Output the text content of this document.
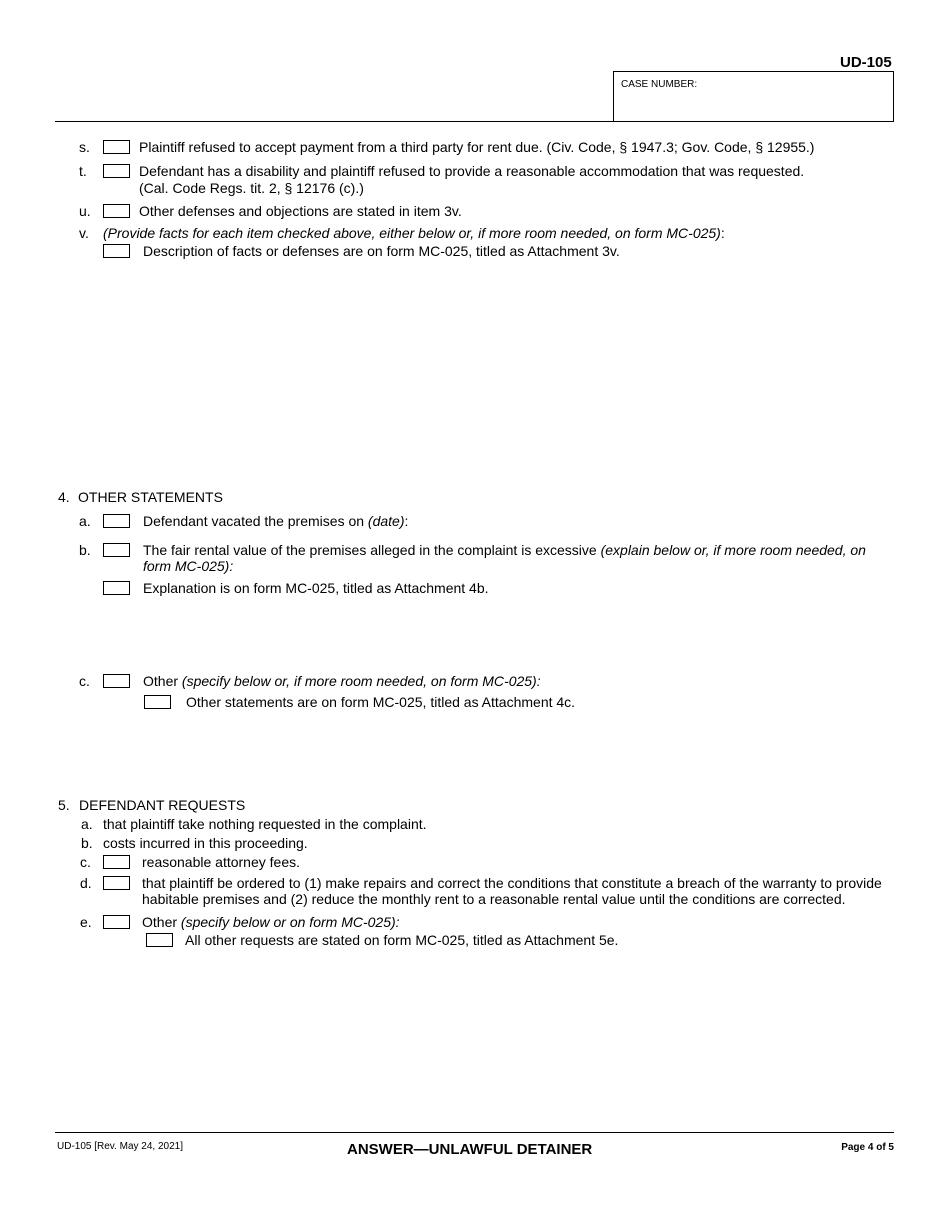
UD-105
CASE NUMBER:
s.	Plaintiff refused to accept payment from a third party for rent due. (Civ. Code, § 1947.3; Gov. Code, § 12955.)
t.	Defendant has a disability and plaintiff refused to provide a reasonable accommodation that was requested.
(Cal. Code Regs. tit. 2, § 12176 (c).)
u.	Other defenses and objections are stated in item 3v.
v. (Provide facts for each item checked above, either below or, if more room needed, on form MC-025):
Description of facts or defenses are on form MC-025, titled as Attachment 3v.
4. OTHER STATEMENTS
a.	Defendant vacated the premises on (date):
b.	The fair rental value of the premises alleged in the complaint is excessive (explain below or, if more room needed, on
form MC-025):
Explanation is on form MC-025, titled as Attachment 4b.
c.	Other (specify below or, if more room needed, on form MC-025):
Other statements are on form MC-025, titled as Attachment 4c.
5. DEFENDANT REQUESTS
a. that plaintiff take nothing requested in the complaint.
b. costs incurred in this proceeding.
c.	reasonable attorney fees.
d.	that plaintiff be ordered to (1) make repairs and correct the conditions that constitute a breach of the warranty to provide
habitable premises and (2) reduce the monthly rent to a reasonable rental value until the conditions are corrected.
e.	Other (specify below or on form MC-025):
All other requests are stated on form MC-025, titled as Attachment 5e.
UD-105 [Rev. May 24, 2021]	ANSWER—UNLAWFUL DETAINER	Page 4 of 5
